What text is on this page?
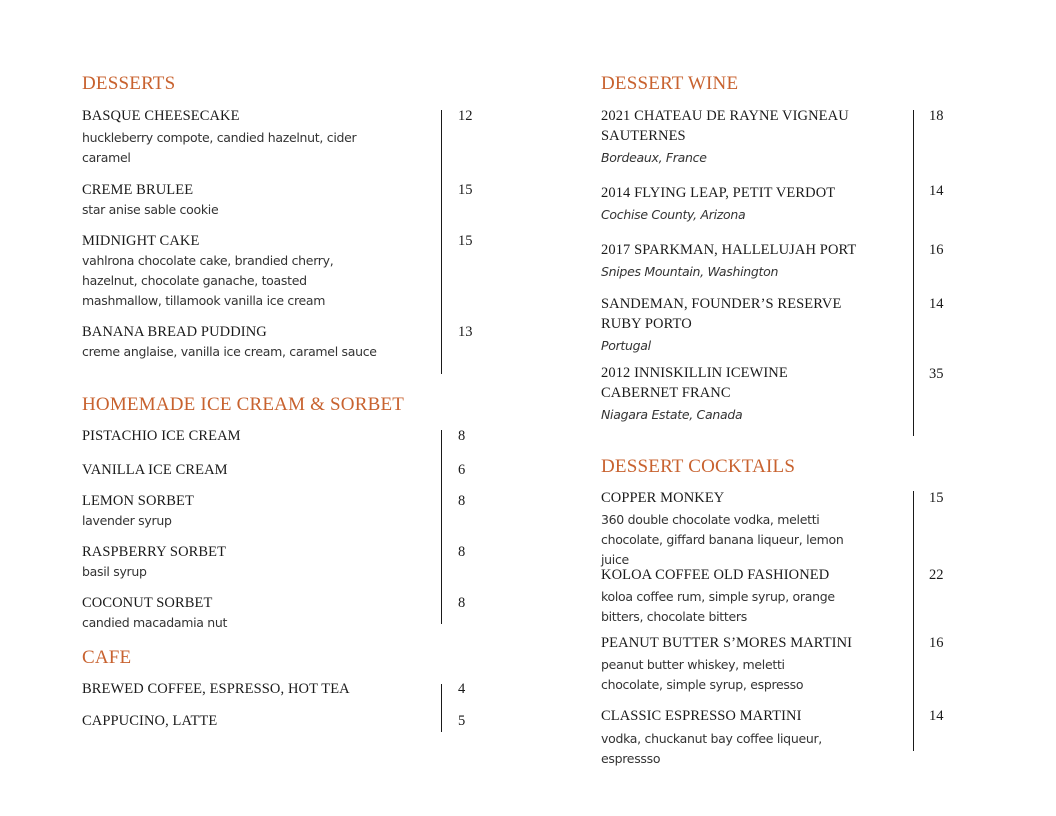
DESSERTS
BASQUE CHEESECAKE
huckleberry compote, candied hazelnut, cider caramel
12
CREME BRULEE
star anise sable cookie
15
MIDNIGHT CAKE
vahlrona chocolate cake, brandied cherry, hazelnut, chocolate ganache, toasted mashmallow, tillamook vanilla ice cream
15
BANANA BREAD PUDDING
creme anglaise, vanilla ice cream, caramel sauce
13
HOMEMADE ICE CREAM & SORBET
PISTACHIO ICE CREAM	8
VANILLA ICE CREAM	6
LEMON SORBET
lavender syrup
8
RASPBERRY SORBET
basil syrup
8
COCONUT SORBET
candied macadamia nut
8
CAFE
BREWED COFFEE, ESPRESSO, HOT TEA	4
CAPPUCINO, LATTE	5
DESSERT WINE
2021 CHATEAU DE RAYNE VIGNEAU SAUTERNES
Bordeaux, France
18
2014 FLYING LEAP, PETIT VERDOT
Cochise County, Arizona
14
2017 SPARKMAN, HALLELUJAH PORT
Snipes Mountain, Washington
16
SANDEMAN, FOUNDER’S RESERVE RUBY PORTO
Portugal
14
2012 INNISKILLIN ICEWINE CABERNET FRANC
Niagara Estate, Canada
35
DESSERT COCKTAILS
COPPER MONKEY
360 double chocolate vodka, meletti chocolate, giffard banana liqueur, lemon juice
15
KOLOA COFFEE OLD FASHIONED
koloa coffee rum, simple syrup, orange bitters, chocolate bitters
22
PEANUT BUTTER S’MORES MARTINI
peanut butter whiskey, meletti chocolate, simple syrup, espresso
16
CLASSIC ESPRESSO MARTINI
vodka, chuckanut bay coffee liqueur, espressso
14
